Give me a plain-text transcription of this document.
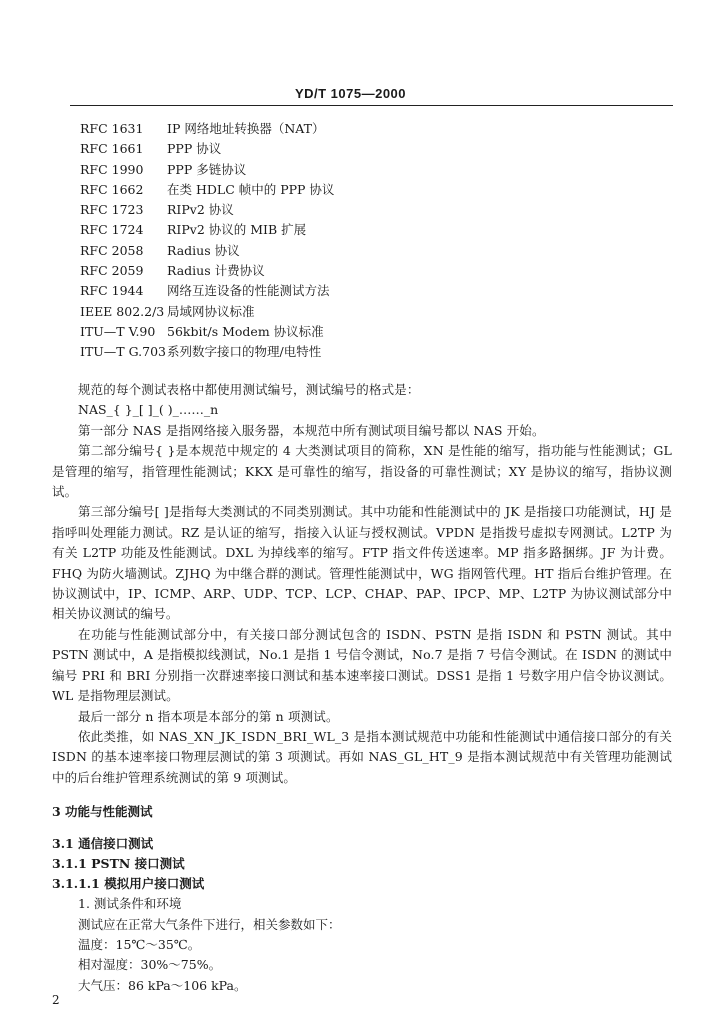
YD/T 1075—2000
RFC 1631	IP 网络地址转换器（NAT）
RFC 1661	PPP 协议
RFC 1990	PPP 多链协议
RFC 1662	在类 HDLC 帧中的 PPP 协议
RFC 1723	RIPv2 协议
RFC 1724	RIPv2 协议的 MIB 扩展
RFC 2058	Radius 协议
RFC 2059	Radius 计费协议
RFC 1944	网络互连设备的性能测试方法
IEEE 802.2/3 局域网协议标准
ITU—T V.90 56kbit/s Modem 协议标准
ITU—T G.703 系列数字接口的物理/电特性

规范的每个测试表格中都使用测试编号，测试编号的格式是：

NAS_{ }_[ ]_( )_……_n

第一部分 NAS 是指网络接入服务器，本规范中所有测试项目编号都以 NAS 开始。

第二部分编号{ }是本规范中规定的 4 大类测试项目的简称，XN 是性能的缩写，指功能与性能测试；GL 是管理的缩写，指管理性能测试；KKX 是可靠性的缩写，指设备的可靠性测试；XY 是协议的缩写，指协议测试。

第三部分编号[ ]是指每大类测试的不同类别测试。其中功能和性能测试中的 JK 是指接口功能测试，HJ 是指呼叫处理能力测试。RZ 是认证的缩写，指接入认证与授权测试。VPDN 是指拨号虚拟专网测试。L2TP 为有关 L2TP 功能及性能测试。DXL 为掉线率的缩写。FTP 指文件传送速率。MP 指多路捆绑。JF 为计费。FHQ 为防火墙测试。ZJHQ 为中继合群的测试。管理性能测试中，WG 指网管代理。HT 指后台维护管理。在协议测试中，IP、ICMP、ARP、UDP、TCP、LCP、CHAP、PAP、IPCP、MP、L2TP 为协议测试部分中相关协议测试的编号。

在功能与性能测试部分中，有关接口部分测试包含的 ISDN、PSTN 是指 ISDN 和 PSTN 测试。其中 PSTN 测试中，A 是指模拟线测试，No.1 是指 1 号信令测试，No.7 是指 7 号信令测试。在 ISDN 的测试中编号 PRI 和 BRI 分别指一次群速率接口测试和基本速率接口测试。DSS1 是指 1 号数字用户信令协议测试。WL 是指物理层测试。

最后一部分 n 指本项是本部分的第 n 项测试。

依此类推，如 NAS_XN_JK_ISDN_BRI_WL_3 是指本测试规范中功能和性能测试中通信接口部分的有关 ISDN 的基本速率接口物理层测试的第 3 项测试。再如 NAS_GL_HT_9 是指本测试规范中有关管理功能测试中的后台维护管理系统测试的第 9 项测试。

3 功能与性能测试
3.1 通信接口测试
3.1.1 PSTN 接口测试
3.1.1.1 模拟用户接口测试
1. 测试条件和环境
测试应在正常大气条件下进行，相关参数如下：
温度：15℃～35℃。
相对湿度：30%～75%。
大气压：86 kPa～106 kPa。
2
